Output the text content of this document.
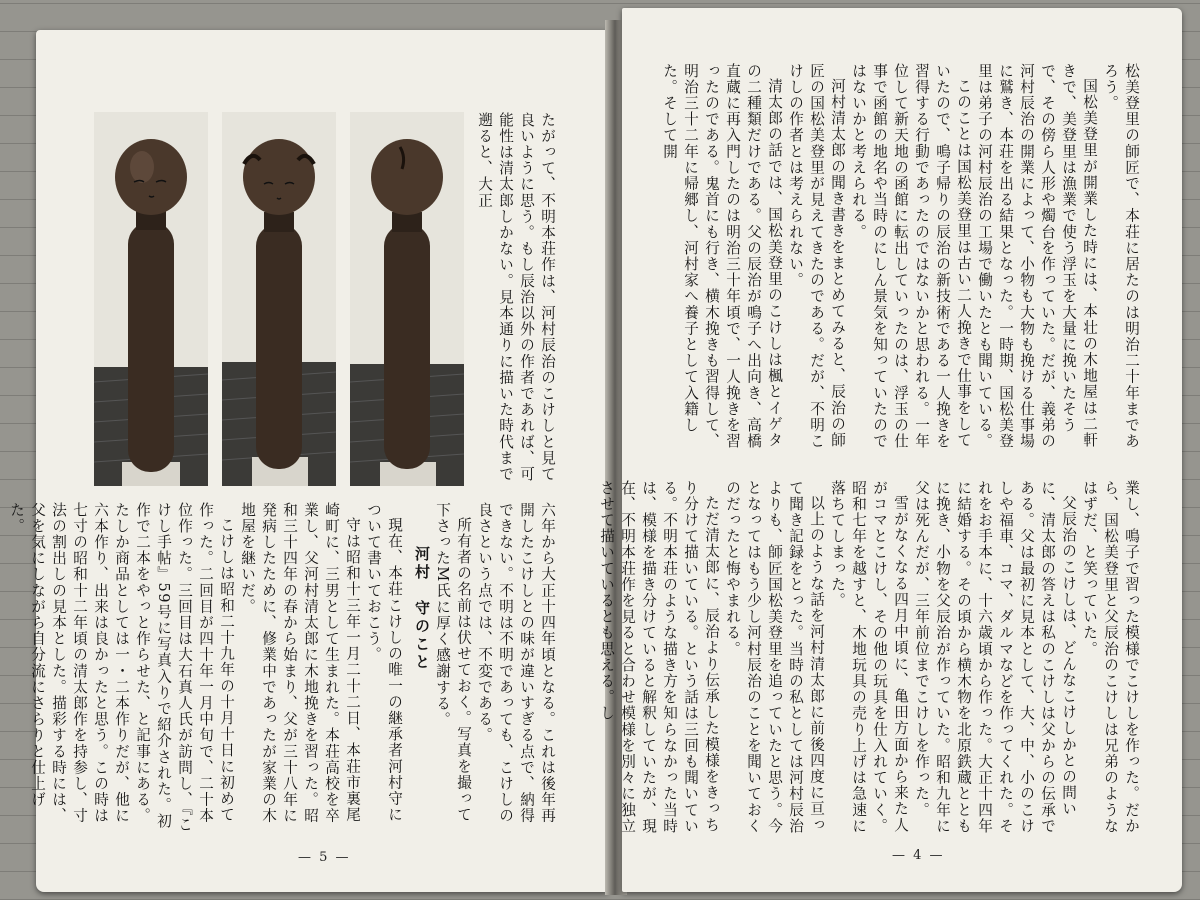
たがって、不明本荘作は、河村辰治のこけしと見て良いように思う。もし辰治以外の作者であれば、可能性は清太郎しかない。見本通りに描いた時代まで遡ると、大正

六年から大正十四年頃となる。これは後年再開したこけしとの味が違いすぎる点で、納得できない。不明は不明であっても、こけしの良さという点では、不変である。

所有者の名前は伏せておく。写真を撮って下さったM氏に厚く感謝する。

河村　守のこと

現在、本荘こけしの唯一の継承者河村守について書いておこう。

守は昭和十三年一月二十二日、本荘市裏尾崎町に、三男として生まれた。本荘高校を卒業し、父河村清太郎に木地挽きを習った。昭和三十四年の春から始まり、父が三十八年に発病したために、修業中であったが家業の木地屋を継いだ。

こけしは昭和二十九年の十月十日に初めて作った。二回目が四十年一月中旬で、二十本位作った。三回目は大石真人氏が訪問し、『こけし手帖』59号に写真入りで紹介された。初作で二本をやっと作らせた、と記事にある。たしか商品としては一・二本作りだが、他に六本作り、出来は良かったと思う。この時は七寸の昭和十二年頃の清太郎作を持参し、寸法の割出しの見本とした。描彩する時には、父を気にしながら自分流にさらりと仕上げた。

— 5 —

松美登里の師匠で、本荘に居たのは明治二十年まであろう。

国松美登里が開業した時には、本壮の木地屋は二軒きで、美登里は漁業で使う浮玉を大量に挽いたそうで、その傍ら人形や燭台を作っていた。だが、義弟の河村辰治の開業によって、小物も大物も挽ける仕事場に鷲き、本荘を出る結果となった。一時期、国松美登里は弟子の河村辰治の工場で働いたとも聞いている。

このことは国松美登里は古い二人挽きで仕事をしていたので、鳴子帰りの辰治の新技術である一人挽きを習得する行動であったのではないかと思われる。一年位して新天地の函館に転出していったのは、浮玉の仕事で函館の地名や当時のにしん景気を知っていたのではないかと考えられる。

河村清太郎の聞き書きをまとめてみると、辰治の師匠の国松美登里が見えてきたのである。だが、不明こけしの作者とは考えられない。

清太郎の話では、国松美登里のこけしは楓とイゲタの二種類だけである。父の辰治が鳴子へ出向き、高橋直蔵に再入門したのは明治三十年頃で、一人挽きを習ったのである。鬼首にも行き、横木挽きも習得して、明治三十二年に帰郷し、河村家へ養子として入籍した。そして開

業し、鳴子で習った模様でこけしを作った。だから、国松美登里と父辰治のこけしは兄弟のようなはずだ、と笑っていた。

父辰治のこけしは、どんなこけしかとの問いに、清太郎の答えは私のこけしは父からの伝承である。父は最初に見本として、大、中、小のこけしや福車、コマ、ダルマなどを作ってくれた。それをお手本に、十六歳頃から作った。大正十四年に結婚する。その頃から横木物を北原鉄蔵とともに挽き、小物を父辰治が作っていた。昭和九年に父は死んだが、三年前位までこけしを作った。

雪がなくなる四月中頃に、亀田方面から来た人がコマとこけし、その他の玩具を仕入れていく。昭和七年を越すと、木地玩具の売り上げは急速に落ちてしまった。

以上のような話を河村清太郎に前後四度に亘って聞き記録をとった。当時の私としては河村辰治よりも、師匠国松美登里を追っていたと思う。今となってはもう少し河村辰治のことを聞いておくのだったと悔やまれる。

ただ清太郎に、辰治より伝承した模様をきっちり分けて描いている。という話は三回も聞いている。不明本荘のような描き方を知らなかった当時は、模様を描き分けていると解釈していたが、現在、不明本荘作を見ると合わせ模様を別々に独立させて描いているとも思える。し

— 4 —
